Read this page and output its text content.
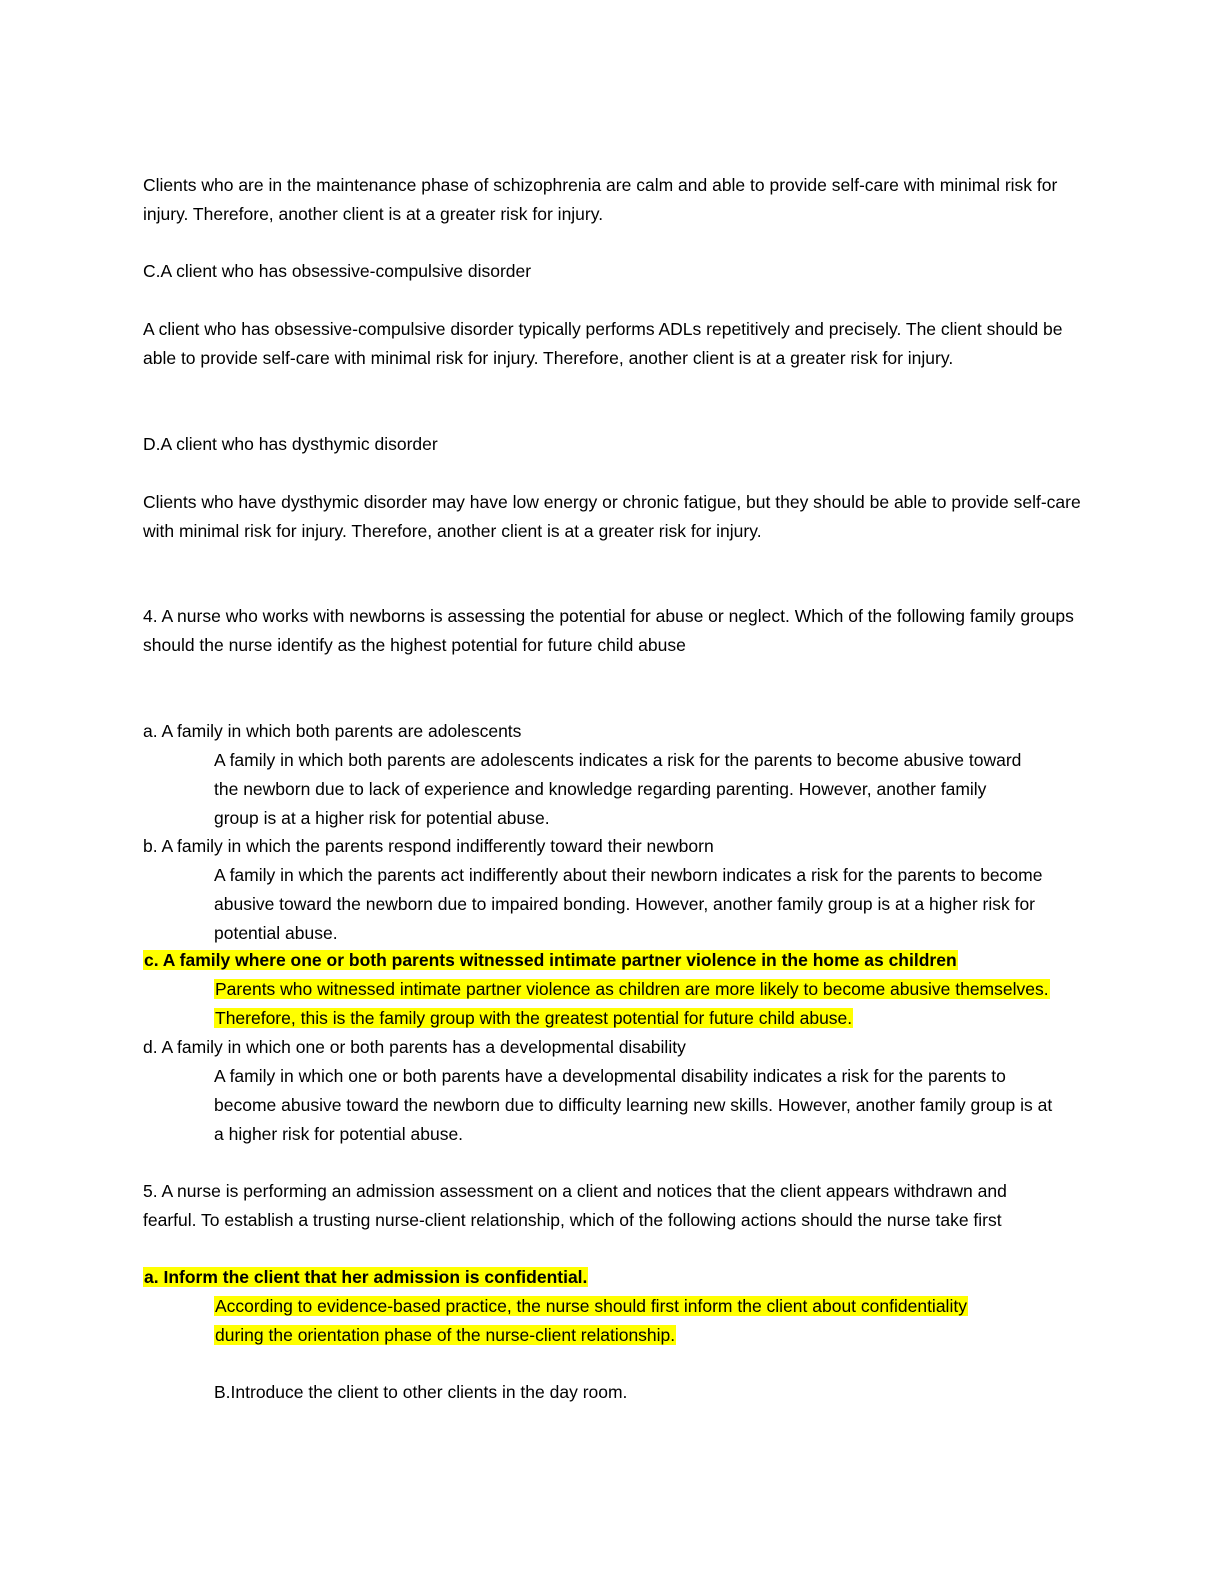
Clients who are in the maintenance phase of schizophrenia are calm and able to provide self-care with minimal risk for injury. Therefore, another client is at a greater risk for injury.

C.A client who has obsessive-compulsive disorder

A client who has obsessive-compulsive disorder typically performs ADLs repetitively and precisely. The client should be able to provide self-care with minimal risk for injury. Therefore, another client is at a greater risk for injury.

D.A client who has dysthymic disorder

Clients who have dysthymic disorder may have low energy or chronic fatigue, but they should be able to provide self-care with minimal risk for injury. Therefore, another client is at a greater risk for injury.

4. A nurse who works with newborns is assessing the potential for abuse or neglect. Which of the following family groups should the nurse identify as the highest potential for future child abuse

a. A family in which both parents are adolescents

A family in which both parents are adolescents indicates a risk for the parents to become abusive toward the newborn due to lack of experience and knowledge regarding parenting. However, another family group is at a higher risk for potential abuse.

b. A family in which the parents respond indifferently toward their newborn

A family in which the parents act indifferently about their newborn indicates a risk for the parents to become abusive toward the newborn due to impaired bonding. However, another family group is at a higher risk for potential abuse.

c. A family where one or both parents witnessed intimate partner violence in the home as children

Parents who witnessed intimate partner violence as children are more likely to become abusive themselves. Therefore, this is the family group with the greatest potential for future child abuse.

d. A family in which one or both parents has a developmental disability

A family in which one or both parents have a developmental disability indicates a risk for the parents to become abusive toward the newborn due to difficulty learning new skills. However, another family group is at a higher risk for potential abuse.

5. A nurse is performing an admission assessment on a client and notices that the client appears withdrawn and fearful. To establish a trusting nurse-client relationship, which of the following actions should the nurse take first

a. Inform the client that her admission is confidential.

According to evidence-based practice, the nurse should first inform the client about confidentiality during the orientation phase of the nurse-client relationship.

B.Introduce the client to other clients in the day room.
